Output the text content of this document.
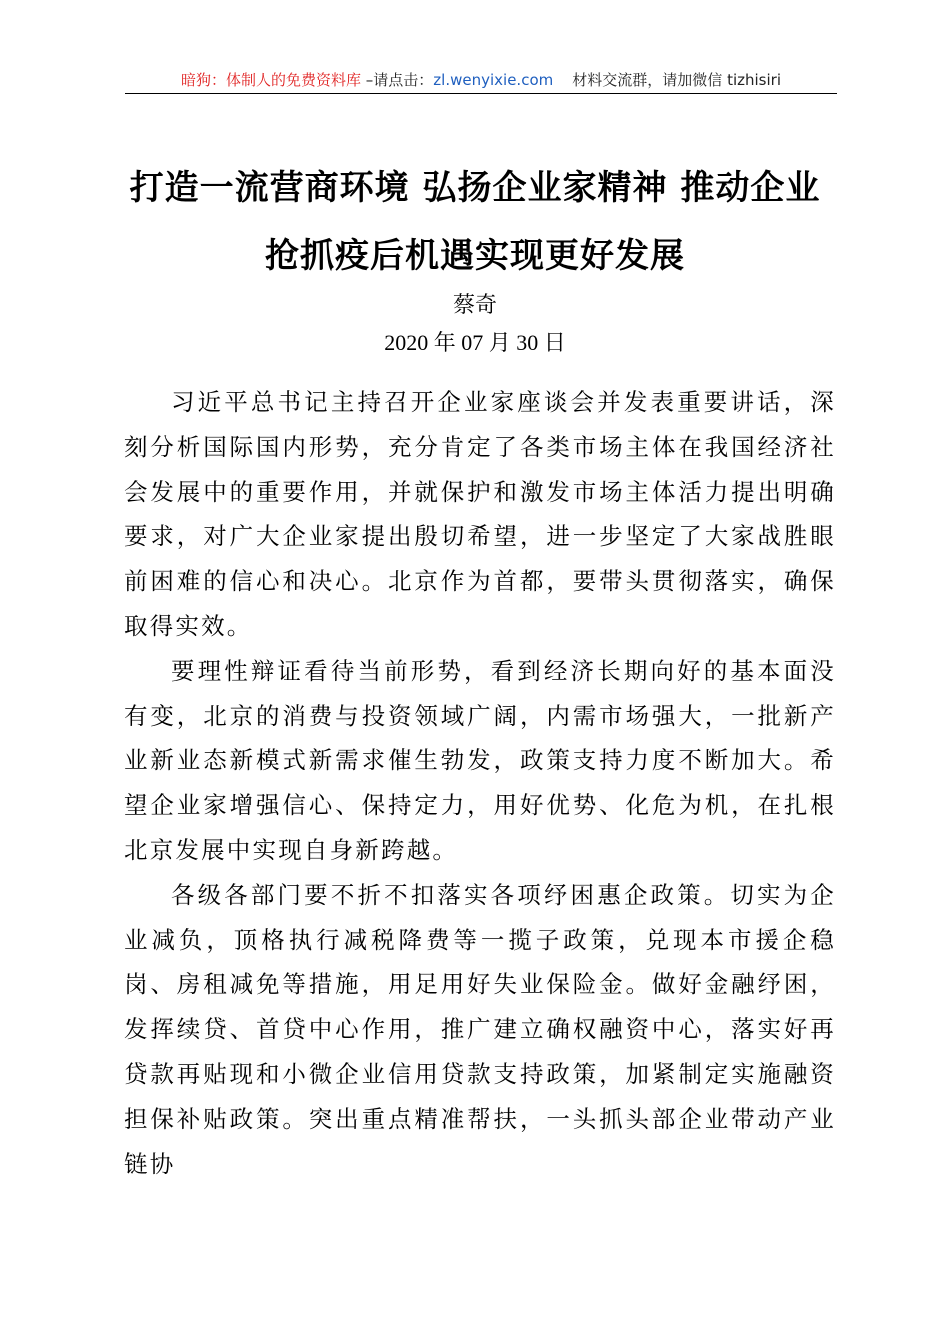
暗狗：体制人的免费资料库 –请点击：zl.wenyixie.com    材料交流群，请加微信 tizhisiri
打造一流营商环境 弘扬企业家精神 推动企业
抢抓疫后机遇实现更好发展
蔡奇
2020 年 07 月 30 日

习近平总书记主持召开企业家座谈会并发表重要讲话，深刻分析国际国内形势，充分肯定了各类市场主体在我国经济社会发展中的重要作用，并就保护和激发市场主体活力提出明确要求，对广大企业家提出殷切希望，进一步坚定了大家战胜眼前困难的信心和决心。北京作为首都，要带头贯彻落实，确保取得实效。

要理性辩证看待当前形势，看到经济长期向好的基本面没有变，北京的消费与投资领域广阔，内需市场强大，一批新产业新业态新模式新需求催生勃发，政策支持力度不断加大。希望企业家增强信心、保持定力，用好优势、化危为机，在扎根北京发展中实现自身新跨越。

各级各部门要不折不扣落实各项纾困惠企政策。切实为企业减负，顶格执行减税降费等一揽子政策，兑现本市援企稳岗、房租减免等措施，用足用好失业保险金。做好金融纾困，发挥续贷、首贷中心作用，推广建立确权融资中心，落实好再贷款再贴现和小微企业信用贷款支持政策，加紧制定实施融资担保补贴政策。突出重点精准帮扶，一头抓头部企业带动产业链协
